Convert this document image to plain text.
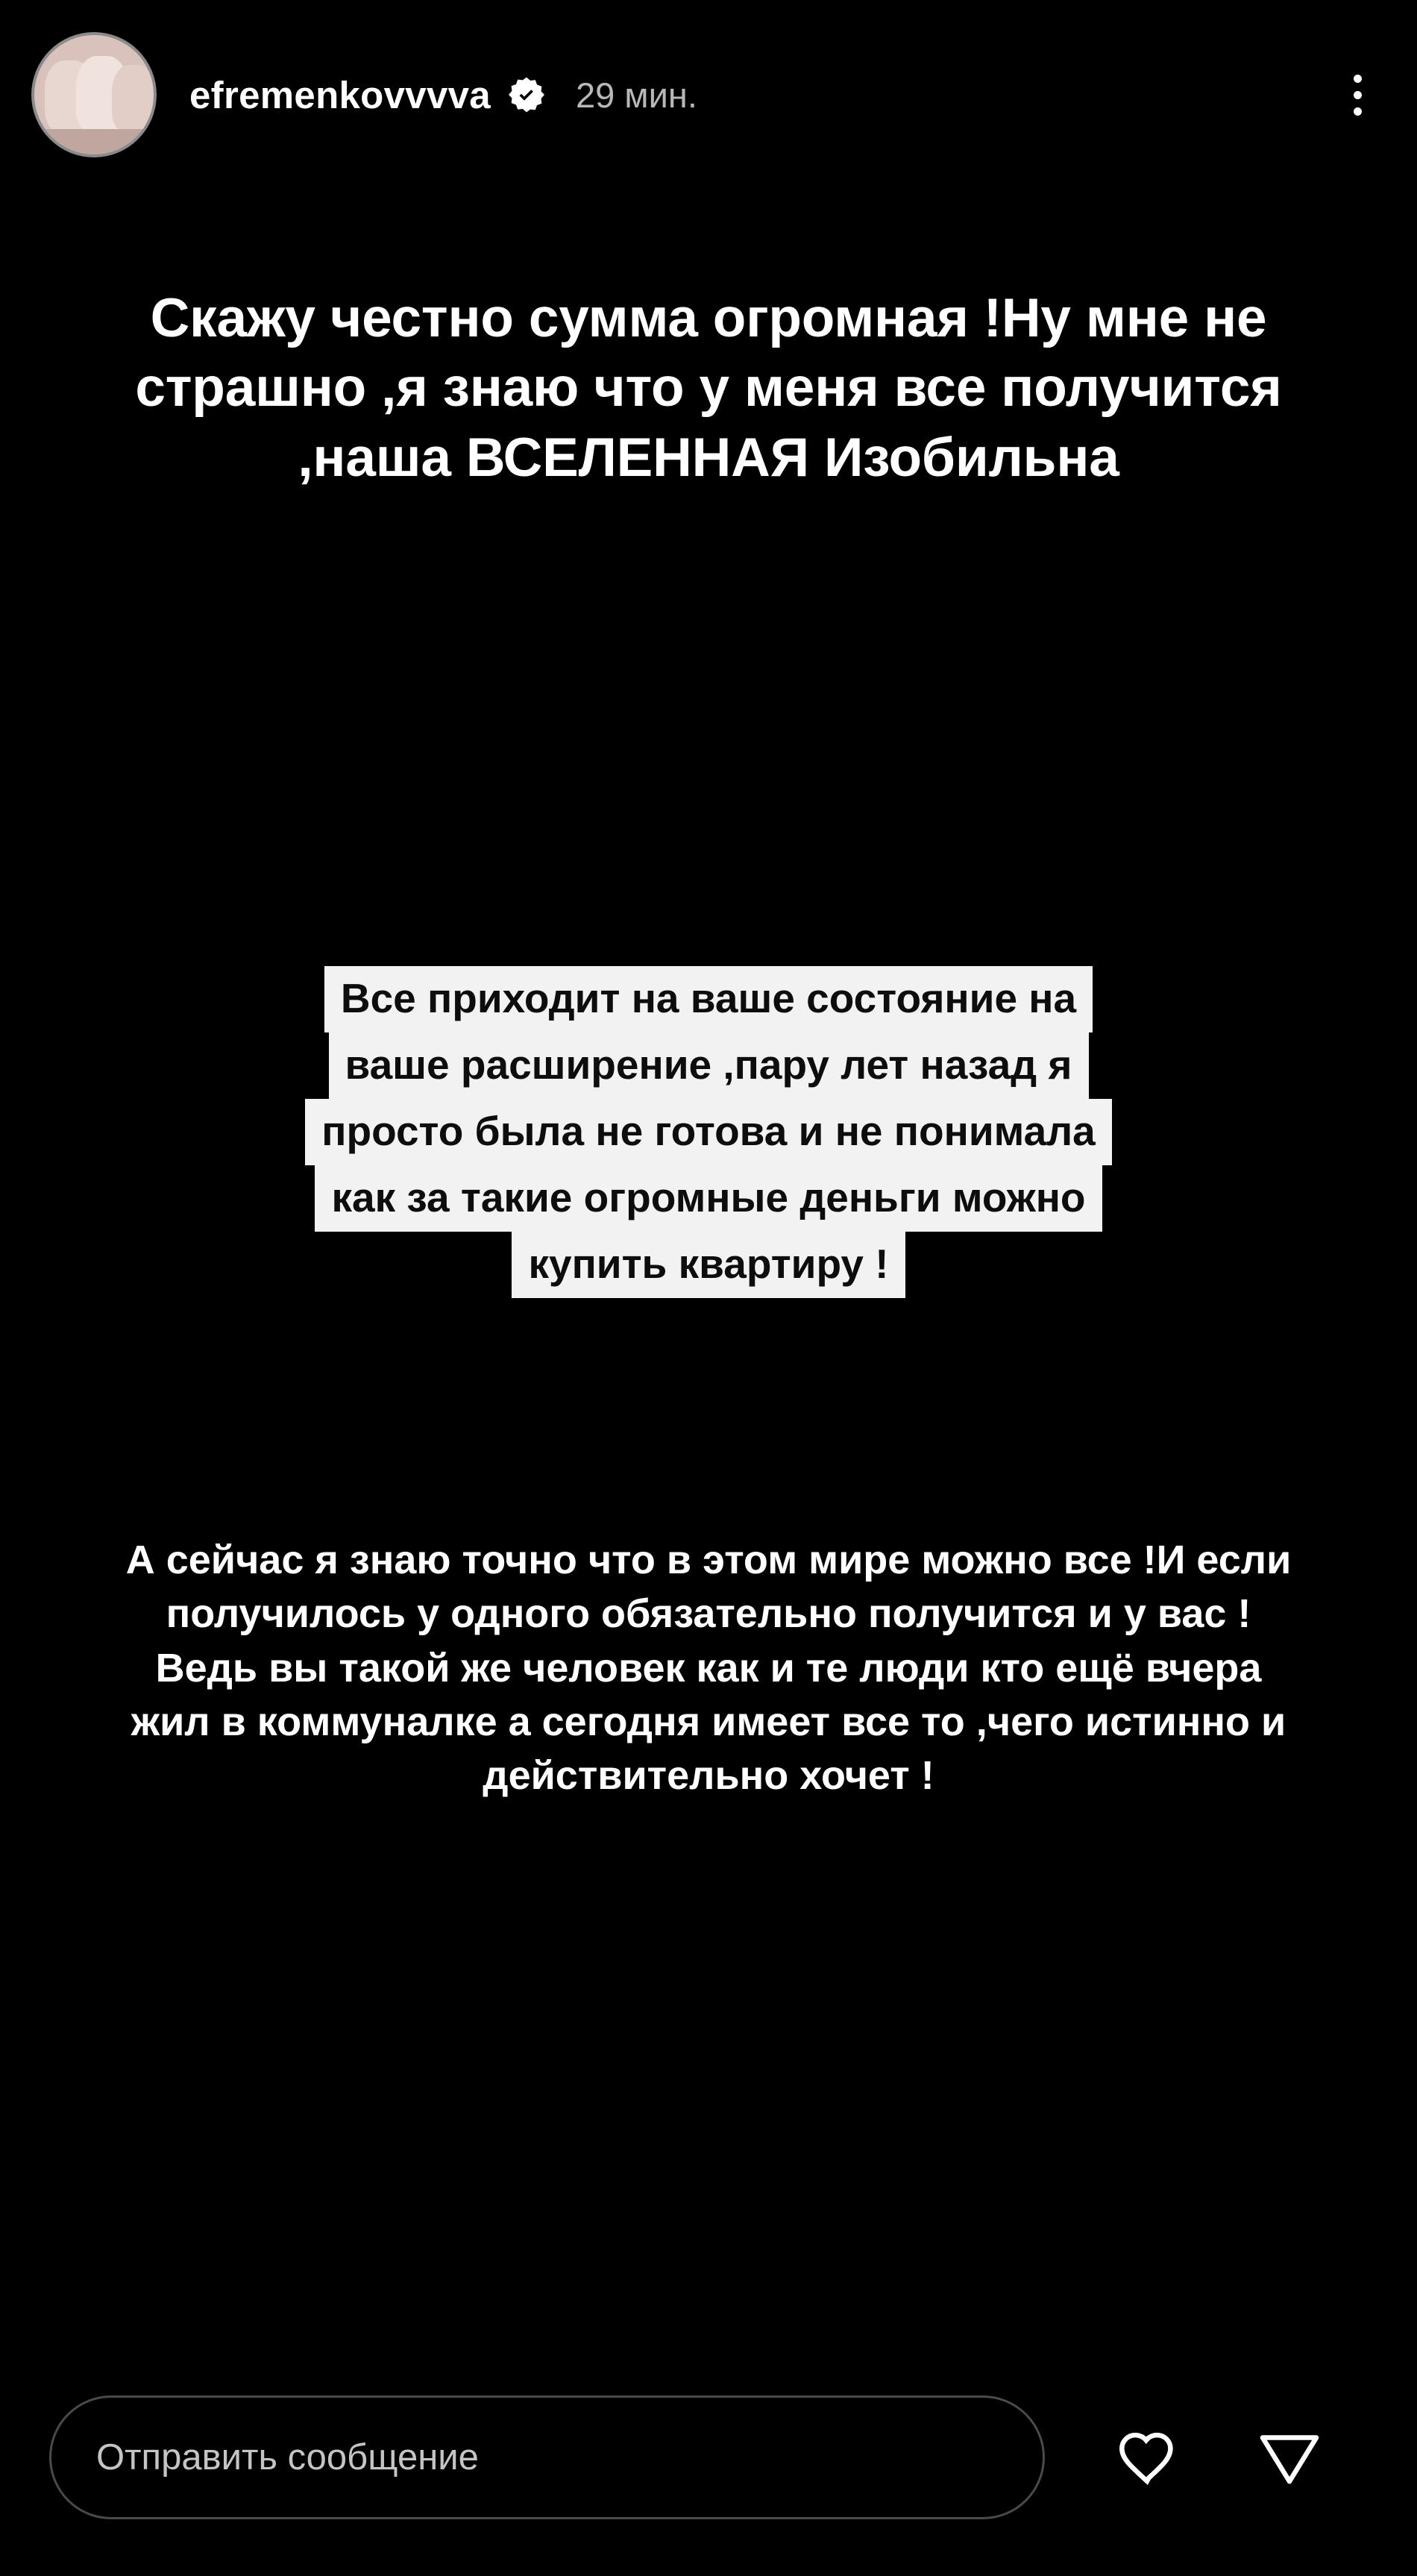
efremenkovvvva 29 мин.
Скажу честно сумма огромная !Ну мне не страшно ,я знаю что у меня все получится ,наша ВСЕЛЕННАЯ Изобильна
Все приходит на ваше состояние на
ваше расширение ,пару лет назад я
просто была не готова и не понимала
как за такие огромные деньги можно
купить квартиру !
А сейчас я знаю точно что в этом мире можно все !И если получилось у одного обязательно получится и у вас !Ведь вы такой же человек как и те люди кто ещё вчера жил в коммуналке а сегодня имеет все то ,чего истинно и действительно хочет !
Отправить сообщение
